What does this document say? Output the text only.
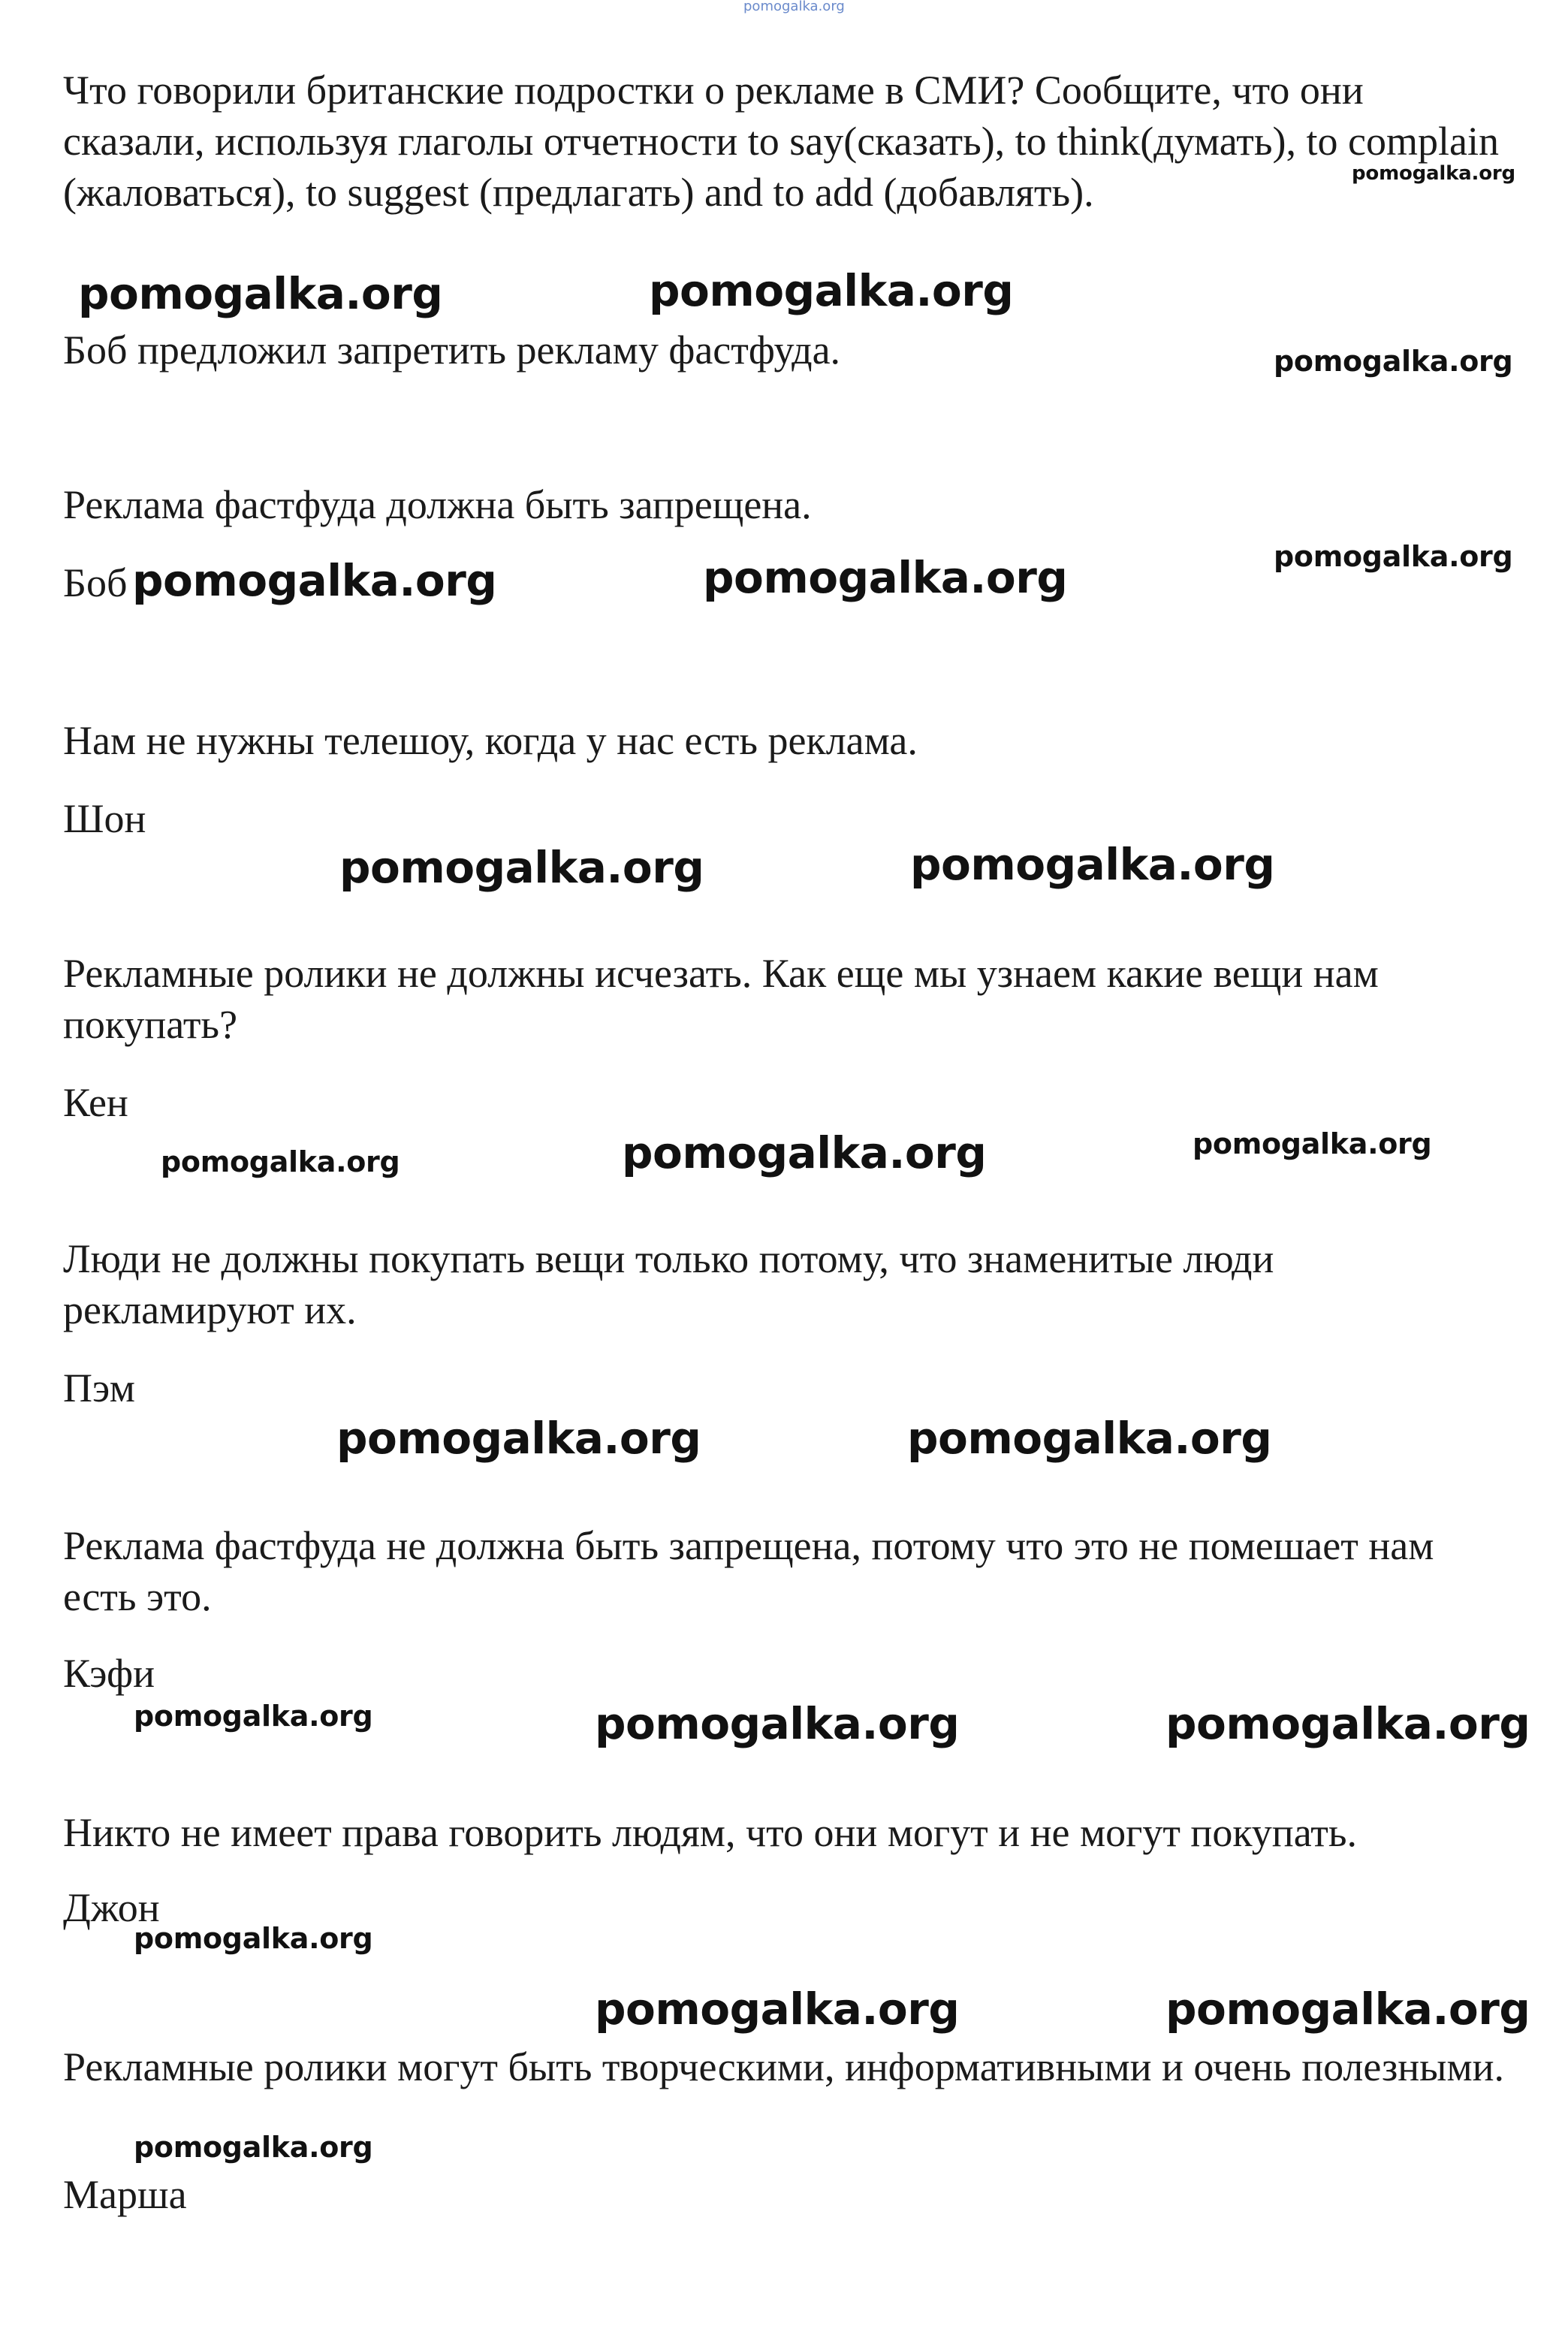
pomogalka.org

Что говорили британские подростки о рекламе в СМИ? Сообщите, что они сказали, используя глаголы отчетности to say(сказать), to think(думать), to complain (жаловаться), to suggest (предлагать) and to add (добавлять).	pomogalka.org
pomogalka.org	pomogalka.org

Боб предложил запретить рекламу фастфуда.	pomogalka.org

Реклама фастфуда должна быть запрещена.

pomogalka.org

Боб pomogalka.org	pomogalka.org

Нам не нужны телешоу, когда у нас есть реклама.

Шон

pomogalka.org	pomogalka.org

Рекламные ролики не должны исчезать. Как еще мы узнаем какие вещи нам покупать?

Кен

pomogalka.org	pomogalka.org	pomogalka.org

Люди не должны покупать вещи только потому, что знаменитые люди рекламируют их.

Пэм

pomogalka.org	pomogalka.org

Реклама фастфуда не должна быть запрещена, потому что это не помешает нам есть это.

Кэфи

pomogalka.org	pomogalka.org	pomogalka.org

Никто не имеет права говорить людям, что они могут и не могут покупать.

Джон

pomogalka.org
pomogalka.org	pomogalka.org

Рекламные ролики могут быть творческими, информативными и очень полезными.

pomogalka.org

Марша
